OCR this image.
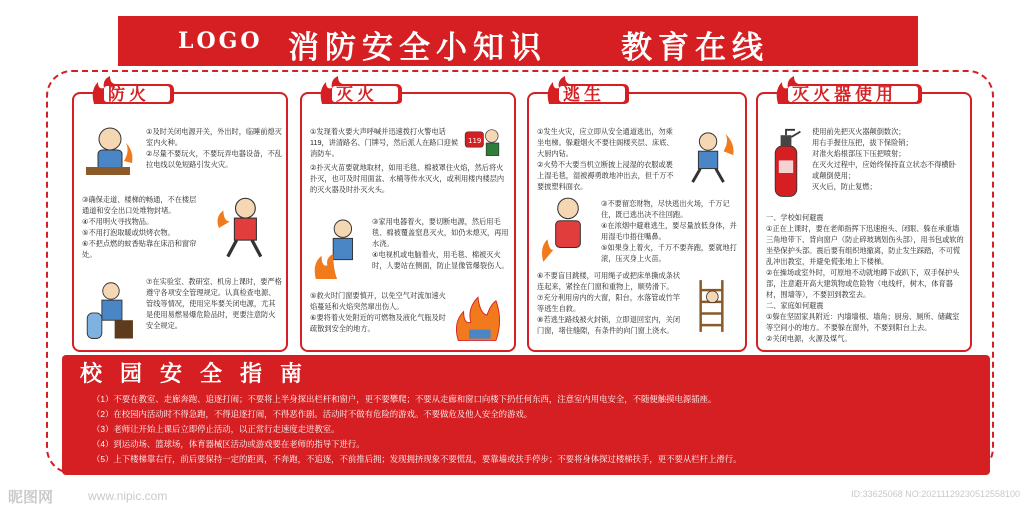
LOGO 消防安全小知识　　教育在线
防火

①及时关闭电源开关，外出时，临睡前熄灭室内火种。

②尽量不要玩火，不要玩弄电器设备，不乱拉电线以免短路引发火灾。

③确保走道、楼梯的畅通，不在楼层通道和安全出口处堆物封堵。

④不用明火寻找物品。

⑤不用打泡取暖或烘烤衣物。

⑥不把点燃的蚊香贴靠在床沿和窗帘处。

⑦在实验室、教研室、机房上课时，要严格遵守各项安全管理规定。认真检查电源、管线等情况，使用完毕要关闭电源，尤其是使用易燃易爆危险品时，更要注意防火安全规定。

灭火

①发现着火要大声呼喊并迅速拨打火警电话119，讲清路名、门牌号，然后派人在路口迎候消防车。

②扑灭火苗要就地取材，如用毛毯、棉被罩住火焰，然后将火扑灭，也可及时用面盆、水桶等传水灭火，或利用楼内楼层内的灭火器及时扑灭火头。

③家用电器着火，要切断电源，然后用毛毯、棉被覆盖窒息灭火，如仍未熄灭，再用水浇。

④电视机或电脑着火，用毛毯、棉被灭火时，人要站在侧面，防止显像管爆裂伤人。

⑤救火时门窗要慎开，以免空气对流加速火焰蔓延和火焰突然窜出伤人。

⑥要将着火处附近的可燃物及液化气瓶及时疏散到安全的地方。

119
逃生

①发生火灾，应立即从安全通道逃出，勿乘坐电梯。躲避烟火不要往阁楼夹层、床底、大厨内钻。

②火势不大要当机立断披上浸湿的衣服或裹上湿毛毯，湿被褥勇敢地冲出去，但千万不要披塑料面衣。

③不要留恋财物，尽快逃出火场，千万记住，既已逃出决不往回跑。

④在浓烟中避难逃生，要尽量放低身体，并用湿毛巾捂住嘴鼻。

⑤如果身上着火，千万不要奔跑，要就地打滚，压灭身上火苗。

⑥不要盲目跳楼，可用绳子或把床单撕成条状连起来，紧拴在门窗和重物上，顺势滑下。

⑦充分利用房内的大窗，阳台，水落管或竹竿等逃生自救。

⑧若逃生路线被火封锁，立即退回室内，关闭门窗，堵住缝隙，有条件的向门窗上浇水。

灭火器使用

使用前先把灭火器颠倒数次；

用右手握住压把，拔下保险销；

对准火焰根部压下压把喷射；

在灭火过程中，应始终保持直立状态不得横卧或颠倒使用；

灭火后，防止复燃；

一、学校如何避震

①正在上课时，要在老师指挥下迅速抱头、闭眼、躲在承重墙三角地带下、背向窗户（防止碎玻璃划伤头部），用书包或软的坐垫保护头部。震后要有组织地撤离，防止发生踩踏，不可慌乱冲出教室，并避免慌张地上下楼梯。

②在操场或室外时，可原地不动就地蹲下或趴下，双手保护头部，注意避开高大建筑物或危险物（电线杆，树木，体育器材，围墙等），不要回到教室去。

二、家庭如何避震

①躲在坚固家具附近：内墙墙根、墙角；厨房、厕所、储藏室等空间小的地方。不要躲在窗外，不要到阳台上去。

②关闭电源，火源及煤气。

校园安全指南

（1）不要在教室、走廊奔跑、追逐打闹；不要将上半身探出栏杆和窗户，更不要攀爬；不要从走廊和窗口向楼下扔任何东西，注意室内用电安全，不随便触摸电源插座。

（2）在校园内活动时不得急跑，不得追逐打闹，不得恶作剧。活动时不做有危险的游戏。不要做危及他人安全的游戏。

（3）老师让开始上课后立即停止活动，以正常行走速度走进教室。

（4）到运动场、篮球场，体育器械区活动或游戏要在老师的指导下进行。

（5）上下楼梯靠右行，前后要保持一定的距离，不奔跑，不追逐，不前推后拥；发现拥挤现象不要慌乱，要靠墙或扶手停步；不要将身体探过楼梯扶手，更不要从栏杆上滑行。

昵图网	www.nipic.com	ID:33625068 NO:20211129230512558100
